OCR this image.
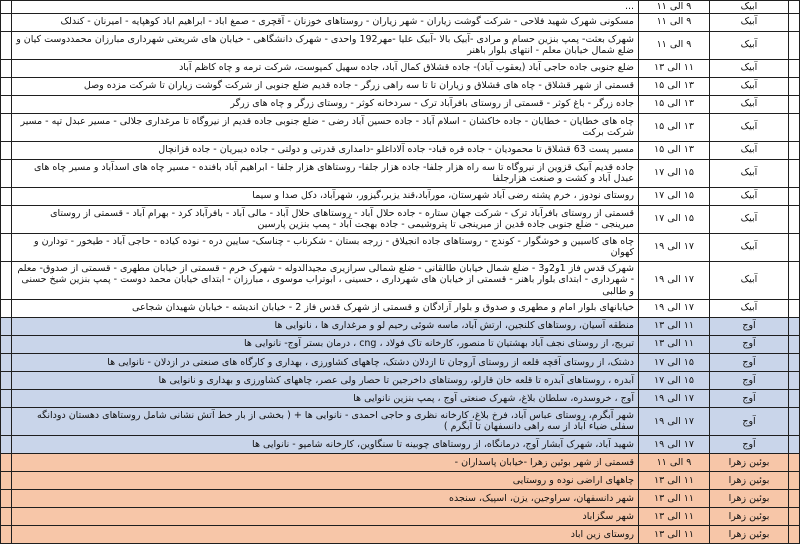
	آبیک	۹ الی ۱۱	...	
	آبیک	۹ الی ۱۱	مسکونی شهرک شهید فلاحی - شرکت گوشت زیاران - شهر زیاران - روستاهای خوزنان - آقچری - صمغ اباد - ابراهیم اباد کوهپایه - امیرنان - کندلک	
	آبیک	۹ الی ۱۱	شهرک بعثت- پمپ بنزین حسام و مرادی -آبیک بالا -آبیک علیا -مهر192 واحدی - شهرک دانشگاهی - خیابان های شریعتی شهرداری مبارزان محمددوست کیان و ضلع شمال خیابان معلم - انتهای بلوار باهنر	
	آبیک	۱۱ الی ۱۳	ضلع جنوبی جاده حاجی آباد (یعقوب آباد)- جاده قشلاق کمال آباد، جاده سهیل کمپوست، شرکت ترمه و چاه کاظم آباد	
	آبیک	۱۳ الی ۱۵	قسمتی از شهر قشلاق - چاه های قشلاق و زیاران تا تا سه راهی زرگر - جاده قدیم ضلع جنوبی از شرکت گوشت زیاران تا شرکت مزده وصل	
	آبیک	۱۳ الی ۱۵	جاده زرگر - باغ کوثر - قسمتی از روستای بافرآباد ترک - سردخانه کوثر - روستای زرگر و چاه های زرگر	
	آبیک	۱۳ الی ۱۵	چاه های خطایان - خطایان - جاده خاکشان - اسلام آباد - جاده حسین آباد رضی - ضلع جنوبی جاده قدیم از نیروگاه تا مرغداری جلالی - مسیر عبدل تپه - مسیر شرکت برکت	
	آبیک	۱۳ الی ۱۵	مسیر پست 63 قشلاق تا محمودیان - جاده قره قباد- جاده آلاداغلو -دامداری قدرتی و دولتی - جاده دیبریان - جاده قزانچال	
	آبیک	۱۵ الی ۱۷	جاده قدیم آبیک قزوین از نیروگاه تا سه راه هزار جلفا- جاده هزار جلفا- روستاهای هزار جلفا - ابراهیم آباد بافنده - مسیر چاه های اسدآباد و مسیر چاه های عبدل آباد و کشت و صنعت هزارجلفا	
	آبیک	۱۵ الی ۱۷	روستای نودوز ، خرم پشته رضی آباد شهرستان، مورآباد،قند یزبر،گیزور، شهرآباد، دکل صدا و سیما	
	آبیک	۱۵ الی ۱۷	قسمتی از روستای بافرآباد ترک - شرکت جهان ستاره - جاده حلال آباد - روستاهای حلال آباد - مالی آباد - بافرآباد کرد - بهرام آباد - قسمتی از روستای میرینجی - ضلع جنوبی جاده قدین از میرینجی تا پتروشیمی - جاده بهجت آباد - پمپ بنزین پارسین	
	آبیک	۱۷ الی ۱۹	چاه های کاسیین و خوشگوار - کوندج - روستاهای جاده انجیلاق - زرجه بستان - شکرناب - چناسک- سایین دره - نوده کیاده - حاجی آباد - طیخور - تودارن و کهوان	
	آبیک	۱۷ الی ۱۹	شهرک قدس فاز 1و2و3 - ضلع شمال خیابان طالقانی - ضلع شمالی سرازیری مجیدالدوله - شهرک خرم - قسمتی از خیابان مطهری - قسمتی از صدوق- معلم - شهرداری - ابتدای بلوار باهنر - قسمتی از خیابان های شهرداری ، حسینی ، ابوتراب موسوی ، مبارزان - ابتدای خیابان محمد دوست - پمپ بنزین شیخ حسنی و طالبی	
	آبیک	۱۷ الی ۱۹	خیابانهای بلوار امام و مطهری و صدوق و بلوار آزادگان و قسمتی از شهرک قدس فاز 2 - خیابان اندیشه - خیابان شهیدان شجاعی	
	آوج	۱۱ الی ۱۳	منطقه آسیان، روستاهای کلنجین، ارتش آباد، ماسه شوئی رحیم لو و مرغداری ها ، نانوایی ها	
	آوج	۱۱ الی ۱۳	تبریج، از روستای نجف آباد بهشتیان تا منصور، کارخانه تاک فولاد ، cng ، درمان بستر آوج- نانوایی ها	
	آوج	۱۵ الی ۱۷	دشتک، از روستای آقچه قلعه از روستای آروجان تا ازدلان دشتک، چاههای کشاورزی ، بهداری و کارگاه های صنعتی در ازدلان - نانوایی ها	
	آوج	۱۵ الی ۱۷	آبدره ، روستاهای آبدره تا قلعه خان قارلو، روستاهای داخرجین تا حصار ولی عصر، چاههای کشاورزی و بهداری و نانوایی ها	
	آوج	۱۷ الی ۱۹	آوج ، خروسدره، سلطان بلاغ، شهرک صنعتی آوج ، پمپ بنزین نانوایی ها	
	آوج	۱۷ الی ۱۹	شهر آبگرم، روستای عباس آباد، فرخ بلاغ، کارخانه نظری و حاجی احمدی - نانوایی ها + ( بخشی از بار خط آتش نشانی شامل روستاهای دهستان دودانگه سفلی ضیاء آباد از سه راهی دانسفهان تا آبگرم )	
	آوج	۱۷ الی ۱۹	شهید آباد، شهرک آبشار آوج، درمانگاه، از روستاهای چوبینه تا سنگاوین، کارخانه شامپو - نانوایی ها	
	بوئین زهرا	۹ الی ۱۱	قسمتی از شهر بوئین زهرا -خیابان پاسداران -	
	بوئین زهرا	۱۱ الی ۱۳	چاههای اراضی نوده و روستایی	
	بوئین زهرا	۱۱ الی ۱۳	شهر دانسفهان، سراوجین، یزن، اسپیک، سنجده	
	بوئین زهرا	۱۱ الی ۱۳	شهر سگزاباد	
	بوئین زهرا	۱۱ الی ۱۳	روستای زین اباد	
